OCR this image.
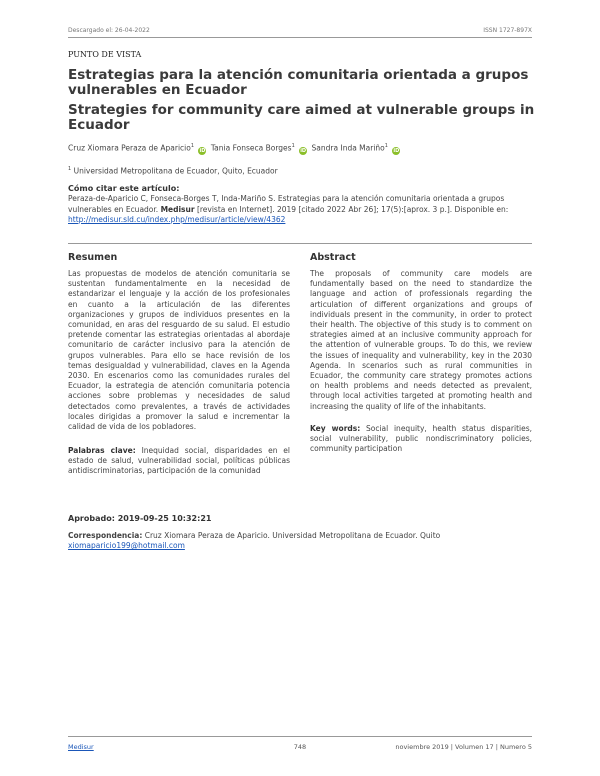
Descargado el: 26-04-2022	ISSN 1727-897X
PUNTO DE VISTA
Estrategias para la atención comunitaria orientada a grupos vulnerables en Ecuador
Strategies for community care aimed at vulnerable groups in Ecuador
Cruz Xiomara Peraza de Aparicio$^1$ iD Tania Fonseca Borges$^1$ iD Sandra Inda Mariño$^1$ iD
$^1$ Universidad Metropolitana de Ecuador, Quito, Ecuador
Cómo citar este artículo:
Peraza-de-Aparicio C, Fonseca-Borges T, Inda-Mariño S. Estrategias para la atención comunitaria orientada a grupos vulnerables en Ecuador. Medisur [revista en Internet]. 2019 [citado 2022 Abr 26]; 17(5):[aprox. 3 p.]. Disponible en: http://medisur.sld.cu/index.php/medisur/article/view/4362
Resumen
Las propuestas de modelos de atención comunitaria se sustentan fundamentalmente en la necesidad de estandarizar el lenguaje y la acción de los profesionales en cuanto a la articulación de las diferentes organizaciones y grupos de individuos presentes en la comunidad, en aras del resguardo de su salud. El estudio pretende comentar las estrategias orientadas al abordaje comunitario de carácter inclusivo para la atención de grupos vulnerables. Para ello se hace revisión de los temas desigualdad y vulnerabilidad, claves en la Agenda 2030. En escenarios como las comunidades rurales del Ecuador, la estrategia de atención comunitaria potencia acciones sobre problemas y necesidades de salud detectados como prevalentes, a través de actividades locales dirigidas a promover la salud e incrementar la calidad de vida de los pobladores.
Palabras clave: Inequidad social, disparidades en el estado de salud, vulnerabilidad social, políticas públicas antidiscriminatorias, participación de la comunidad
Abstract
The proposals of community care models are fundamentally based on the need to standardize the language and action of professionals regarding the articulation of different organizations and groups of individuals present in the community, in order to protect their health. The objective of this study is to comment on strategies aimed at an inclusive community approach for the attention of vulnerable groups. To do this, we review the issues of inequality and vulnerability, key in the 2030 Agenda. In scenarios such as rural communities in Ecuador, the community care strategy promotes actions on health problems and needs detected as prevalent, through local activities targeted at promoting health and increasing the quality of life of the inhabitants.
Key words: Social inequity, health status disparities, social vulnerability, public nondiscriminatory policies, community participation
Aprobado: 2019-09-25 10:32:21
Correspondencia: Cruz Xiomara Peraza de Aparicio. Universidad Metropolitana de Ecuador. Quito
xiomaparicio199@hotmail.com
748
Medisur	noviembre 2019 | Volumen 17 | Numero 5
